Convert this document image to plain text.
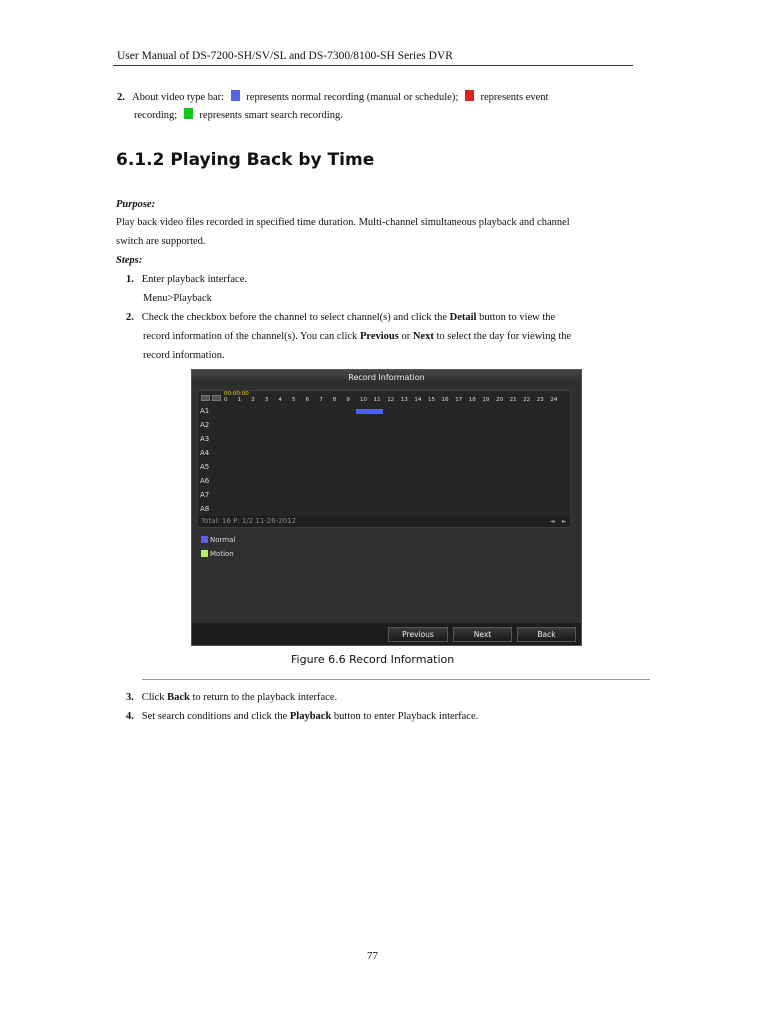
User Manual of DS-7200-SH/SV/SL and DS-7300/8100-SH Series DVR
2. About video type bar: represents normal recording (manual or schedule); represents event
recording; represents smart search recording.
6.1.2 Playing Back by Time
Purpose:
Play back video files recorded in specified time duration. Multi-channel simultaneous playback and channel
switch are supported.
Steps:
1. Enter playback interface.
Menu>Playback
2. Check the checkbox before the channel to select channel(s) and click the Detail button to view the
record information of the channel(s). You can click Previous or Next to select the day for viewing the
record information.
Record Information
00:00:00
0 1 2 3 4 5 6 7 8 9 10 11 12 13 14 15 16 17 18 19 20 21 22 23 24
A1
A2
A3
A4
A5
A6
A7
A8
Total: 16 P: 1/2 11-26-2012	◄ ►
Normal
Motion
Previous	Next	Back
Figure 6.6 Record Information
3. Click Back to return to the playback interface.
4. Set search conditions and click the Playback button to enter Playback interface.
77
